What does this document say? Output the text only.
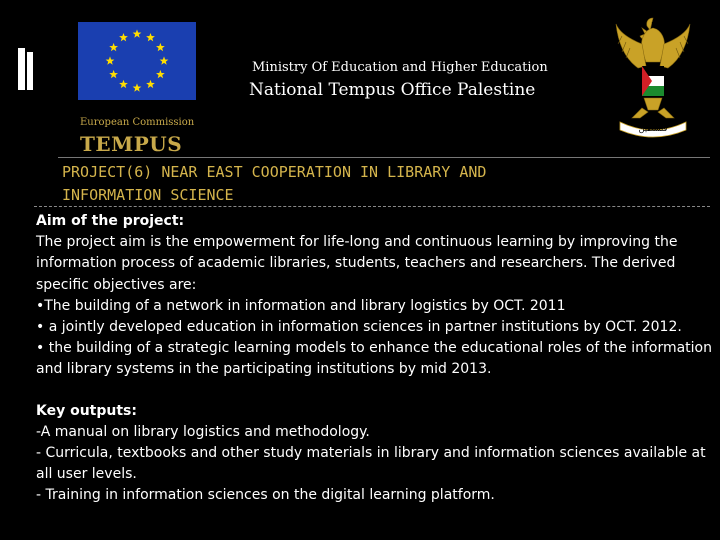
Ministry Of Education and Higher Education
National Tempus Office Palestine
فلسطين
European Commission
TEMPUS
PROJECT(6) NEAR EAST COOPERATION IN LIBRARY AND
INFORMATION SCIENCE

Aim of the project:

The project aim is the empowerment for life-long and continuous learning by improving the information process of academic libraries, students, teachers and researchers. The derived specific objectives are:

•The building of a network in information and library logistics by OCT. 2011

• a jointly developed education in information sciences in partner institutions by OCT. 2012.

• the building of a strategic learning models to enhance the educational roles of the information and library systems in the participating institutions by mid 2013.

Key outputs:

-A manual on library logistics and methodology.

- Curricula, textbooks and other study materials in library and information sciences available at all user levels.

- Training in information sciences on the digital learning platform.
